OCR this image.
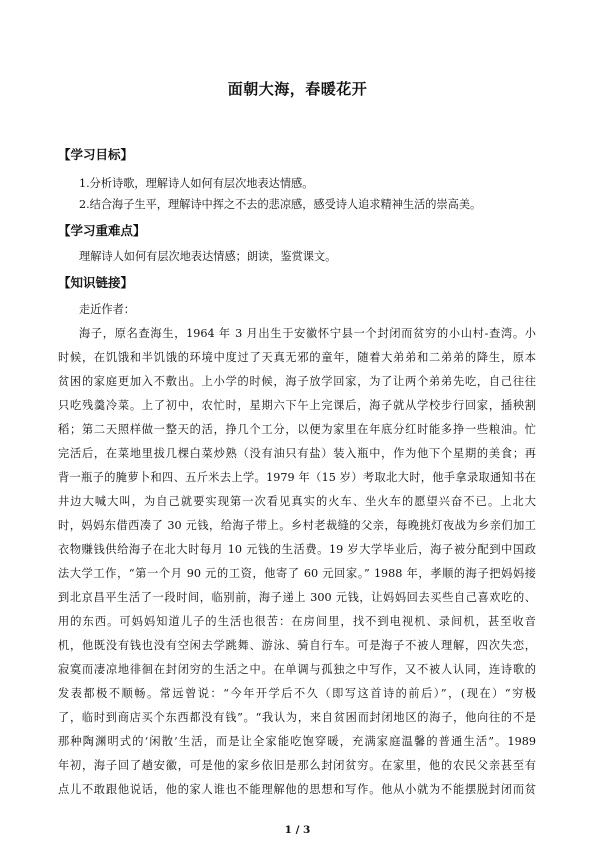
面朝大海，春暖花开
【学习目标】
1.分析诗歌，理解诗人如何有层次地表达情感。
2.结合海子生平，理解诗中挥之不去的悲凉感，感受诗人追求精神生活的崇高美。
【学习重难点】
理解诗人如何有层次地表达情感；朗读，鉴赏课文。
【知识链接】
走近作者：
海子，原名查海生，1964 年 3 月出生于安徽怀宁县一个封闭而贫穷的小山村-查湾。小
时候，在饥饿和半饥饿的环境中度过了天真无邪的童年，随着大弟弟和二弟弟的降生，原本
贫困的家庭更加入不敷出。上小学的时候，海子放学回家，为了让两个弟弟先吃，自己往往
只吃残羹冷菜。上了初中，农忙时，星期六下午上完课后，海子就从学校步行回家，插秧割
稻；第二天照样做一整天的活，挣几个工分，以便为家里在年底分红时能多挣一些粮油。忙
完活后，在菜地里拔几棵白菜炒熟（没有油只有盐）装入瓶中，作为他下个星期的美食；再
背一瓶子的腌萝卜和四、五斤米去上学。1979 年（15 岁）考取北大时，他手拿录取通知书在
井边大喊大叫，为自己就要实现第一次看见真实的火车、坐火车的愿望兴奋不已。上北大
时，妈妈东借西凑了 30 元钱，给海子带上。乡村老裁缝的父亲，每晚挑灯夜战为乡亲们加工
衣物赚钱供给海子在北大时每月 10 元钱的生活费。19 岁大学毕业后，海子被分配到中国政
法大学工作，“第一个月 90 元的工资，他寄了 60 元回家。” 1988 年，孝顺的海子把妈妈接
到北京昌平生活了一段时间，临别前，海子递上 300 元钱，让妈妈回去买些自己喜欢吃的、
用的东西。可妈妈知道儿子的生活也很苦：在房间里，找不到电视机、录间机，甚至收音
机，他既没有钱也没有空闲去学跳舞、游泳、骑自行车。可是海子不被人理解，四次失恋，
寂寞而凄凉地徘徊在封闭穷的生活之中。在单调与孤独之中写作，又不被人认同，连诗歌的
发表都极不顺畅。常远曾说：“今年开学后不久（即写这首诗的前后）”，(现在）“穷极
了，临时到商店买个东西都没有钱”。“我认为，来自贫困而封闭地区的海子，他向往的不是
那种陶渊明式的‘闲散’生活，而是让全家能吃饱穿暖，充满家庭温馨的普通生活”。1989
年初，海子回了趟安徽，可是他的家乡依旧是那么封闭贫穷。在家里，他的农民父亲甚至有
点儿不敢跟他说话，他的家人谁也不能理解他的思想和写作。他从小就为不能摆脱封闭而贫
1 / 3
